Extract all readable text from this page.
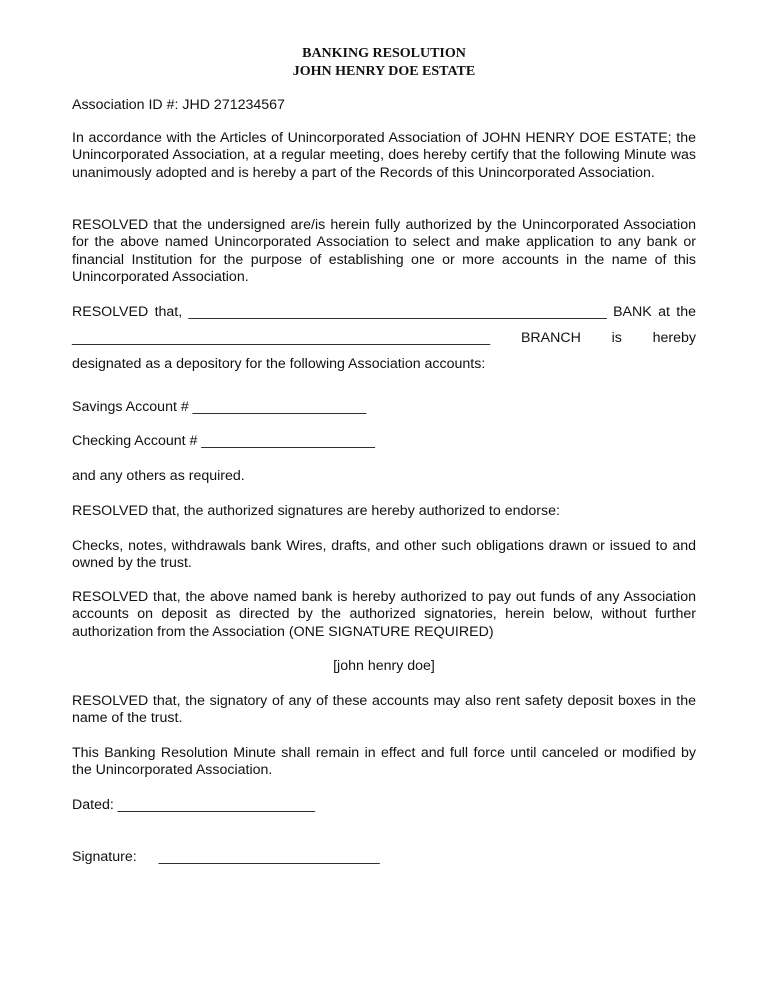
BANKING RESOLUTION
JOHN HENRY DOE ESTATE
Association ID #: JHD 271234567
In accordance with the Articles of Unincorporated Association of JOHN HENRY DOE ESTATE; the Unincorporated Association, at a regular meeting, does hereby certify that the following Minute was unanimously adopted and is hereby a part of the Records of this Unincorporated Association.
RESOLVED that the undersigned are/is herein fully authorized by the Unincorporated Association for the above named Unincorporated Association to select and make application to any bank or financial Institution for the purpose of establishing one or more accounts in the name of this Unincorporated Association.
RESOLVED that, _____________________________________________________ BANK at the
_____________________________________________________ BRANCH is hereby
designated as a depository for the following Association accounts:
Savings Account # ______________________
Checking Account # ______________________
and any others as required.
RESOLVED that, the authorized signatures are hereby authorized to endorse:
Checks, notes, withdrawals bank Wires, drafts, and other such obligations drawn or issued to and owned by the trust.
RESOLVED that, the above named bank is hereby authorized to pay out funds of any Association accounts on deposit as directed by the authorized signatories, herein below, without further authorization from the Association (ONE SIGNATURE REQUIRED)
[john henry doe]
RESOLVED that, the signatory of any of these accounts may also rent safety deposit boxes in the name of the trust.
This Banking Resolution Minute shall remain in effect and full force until canceled or modified by the Unincorporated Association.
Dated: _________________________
Signature: ____________________________
